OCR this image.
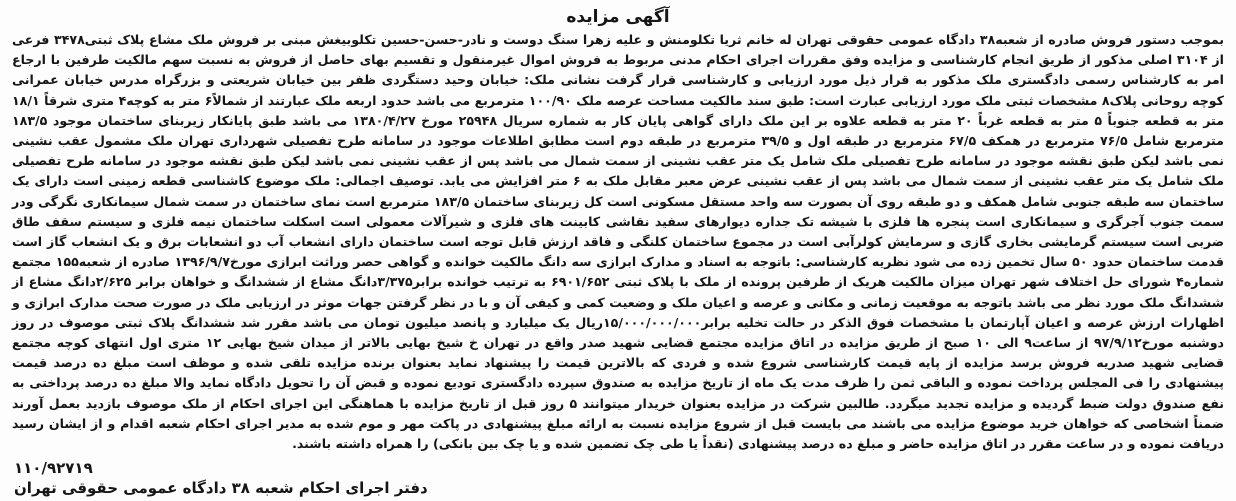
آگهی مزایده

بموجب دستور فروش صادره از شعبه۳۸ دادگاه عمومی حقوقی تهران له خانم ثریا تکلومنش و علیه زهرا سنگ دوست و نادر-حسن-حسین تکلوبیغش مبنی بر فروش ملک مشاع پلاک ثبتی۳۴۷۸ فرعی از ۳۱۰۴ اصلی مذکور از طریق انجام کارشناسی و مزایده وفق مقررات اجرای احکام مدنی مربوط به فروش اموال غیرمنقول و تقسیم بهای حاصل از فروش به نسبت سهم مالکیت طرفین با ارجاع امر به کارشناس رسمی دادگستری ملک مذکور به قرار ذیل مورد ارزیابی و کارشناسی قرار گرفت نشانی ملک: خیابان وحید دستگردی ظفر بین خیابان شریعتی و بزرگراه مدرس خیابان عمرانی کوچه روحانی پلاک۸ مشخصات ثبتی ملک مورد ارزیابی عبارت است: طبق سند مالکیت مساحت عرصه ملک ۱۰۰/۹۰ مترمربع می باشد حدود اربعه ملک عبارتند از شمالاً۶ متر به کوچه۴ متری شرقاً ۱۸/۱ متر به قطعه جنوباً ۵ متر به قطعه غرباً ۲۰ متر به قطعه علاوه بر این ملک دارای گواهی پایان کار به شماره سریال ۲۵۹۴۸ مورخ ۱۳۸۰/۴/۲۷ می باشد طبق پایانکار زیربنای ساختمان موجود ۱۸۳/۵ مترمربع شامل ۷۶/۵ مترمربع در همکف ۶۷/۵ مترمربع در طبقه اول و ۳۹/۵ مترمربع در طبقه دوم است مطابق اطلاعات موجود در سامانه طرح تفصیلی شهرداری تهران ملک مشمول عقب نشینی نمی باشد لیکن طبق نقشه موجود در سامانه طرح تفصیلی ملک شامل یک متر عقب نشینی از سمت شمال می باشد پس از عقب نشینی نمی باشد لیکن طبق نقشه موجود در سامانه طرح تفصیلی ملک شامل یک متر عقب نشینی از سمت شمال می باشد پس از عقب نشینی عرض معبر مقابل ملک به ۶ متر افزایش می یابد. توصیف اجمالی: ملک موضوع کاشناسی قطعه زمینی است دارای یک ساختمان سه طبقه جنوبی شامل همکف و دو طبقه روی آن بصورت سه واحد مستقل مسکونی است کل زیربنای ساختمان ۱۸۳/۵ مترمربع است نمای ساختمان در سمت شمال سیمانکاری نگرگی ودر سمت جنوب آجرگری و سیمانکاری است پنجره ها فلزی با شیشه تک جداره دیوارهای سفید نقاشی کابینت های فلزی و شیرآلات معمولی است اسکلت ساختمان نیمه فلزی و سیستم سقف طاق ضربی است سیستم گرمایشی بخاری گازی و سرمایش کولرآبی است در مجموع ساختمان کلنگی و فاقد ارزش قابل توجه است ساختمان دارای انشعاب آب دو انشعابات برق و یک انشعاب گاز است قدمت ساختمان حدود ۵۰ سال تخمین زده می شود نظریه کارشناسی: باتوجه به اسناد و مدارک ابرازی سه دانگ مالکیت خوانده و گواهی حصر وراثت ابرازی مورخ۱۳۹۶/۹/۷ صادره از شعبه۱۵۵ مجتمع شماره۴ شورای حل اختلاف شهر تهران میزان مالکیت هریک از طرفین پرونده از ملک با پلاک ثبتی ۶۹۰۱/۶۵۲ به ترتیب خوانده برابر۳/۳۷۵دانگ مشاع از ششدانگ و خواهان برابر ۲/۶۲۵دانگ مشاع از ششدانگ ملک مورد نظر می باشد باتوجه به موقعیت زمانی و مکانی و عرصه و اعیان ملک و وضعیت کمی و کیفی آن و با در نظر گرفتن جهات موثر در ارزیابی ملک در صورت صحت مدارک ابرازی و اظهارات ارزش عرصه و اعیان آپارتمان با مشخصات فوق الذکر در حالت تخلیه برابر۱۵/۰۰۰/۰۰۰/۰۰۰ریال یک میلیارد و پانصد میلیون تومان می باشد مقرر شد ششدانگ پلاک ثبتی موصوف در روز دوشنبه مورخ۹۷/۹/۱۲ از ساعت۹ الی ۱۰ صبح از طریق مزایده در اتاق مزایده مجتمع قضایی شهید صدر واقع در تهران خ شیخ بهایی بالاتر از میدان شیخ بهایی ۱۲ متری اول انتهای کوچه مجتمع قضایی شهید صدریه فروش برسد مزایده از پایه قیمت کارشناسی شروع شده و فردی که بالاترین قیمت را پیشنهاد نماید بعنوان برنده مزایده تلقی شده و موظف است مبلغ ده درصد قیمت پیشنهادی را فی المجلس پرداخت نموده و الباقی ثمن را ظرف مدت یک ماه از تاریخ مزایده به صندوق سپرده دادگستری تودیع نموده و قبض آن را تحویل دادگاه نماید والا مبلغ ده درصد پرداختی به نفع صندوق دولت ضبط گردیده و مزایده تجدید میگردد. طالبین شرکت در مزایده بعنوان خریدار میتوانند ۵ روز قبل از تاریخ مزایده با هماهنگی این اجرای احکام از ملک موصوف بازدید بعمل آورند ضمناً اشخاصی که خواهان خرید موضوع مزایده می باشند می بایست قبل از شروع مزایده نسبت به ارائه مبلغ پیشنهادی در پاکت مهر و موم شده به مدیر اجرای احکام شعبه اقدام و از ایشان رسید دریافت نموده و در ساعت مقرر در اتاق مزایده حاضر و مبلغ ده درصد پیشنهادی (نقداً یا طی چک تضمین شده و یا چک بین بانکی) را همراه داشته باشند.

۱۱۰/۹۲۷۱۹
دفتر اجرای احکام شعبه ۳۸ دادگاه عمومی حقوقی تهران
